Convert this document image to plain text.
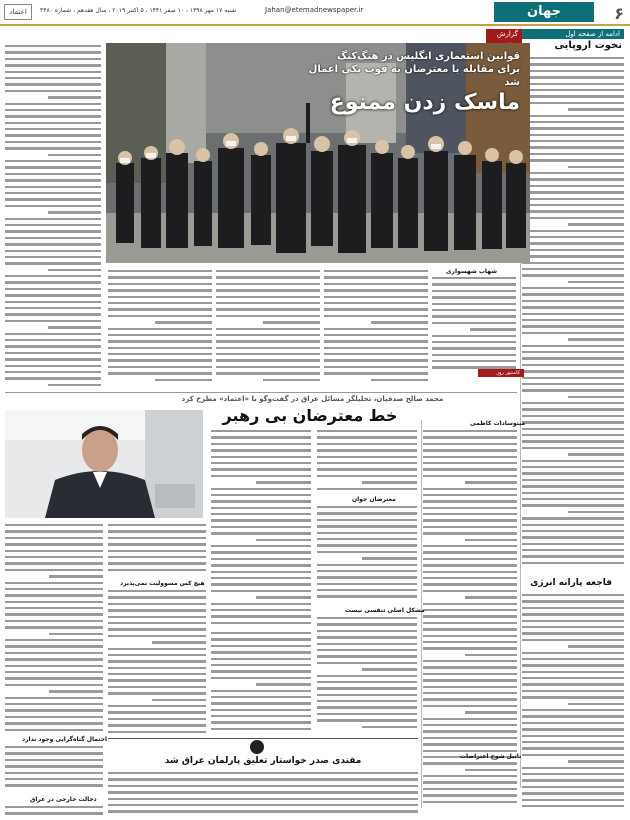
۶
جهان
Jahan@etemadnewspaper.ir
شنبه ۱۷ مهر ۱۳۹۸ ، ۱۰ صفر ۱۴۴۱ ، ۵ اکتبر ۲۰۱۹ ، سال هفدهم ، شماره ۴۴۸۰
اعتماد
ادامه از صفحه اول
نخوت اروپایی
فاجعه پارانه انرژی
گزارش
قوانین استعماری انگلیس در هنگ‌کنگ
برای مقابله با معترضان به قوت یکی اعمال شد
ماسک زدن ممنوع
شهاب شهسواری
کامنتور روز
محمد صالح صدقیان، تحلیلگر مسائل عراق در گفت‌وگو با «اعتماد» مطرح کرد
خط معترضان بی رهبر	مینوسادات کاظمی
معترضان جوان
مشکل اصلی تنفسی نیست
هیچ کس مسوولیت نمی‌پذیرد
احتمال گناه‌گرایی وجود ندارد
دخالت خارجی در عراق
مقتدی صدر خواستار تعلیق پارلمان عراق شد	تاثیل شوخ اعتراضات
